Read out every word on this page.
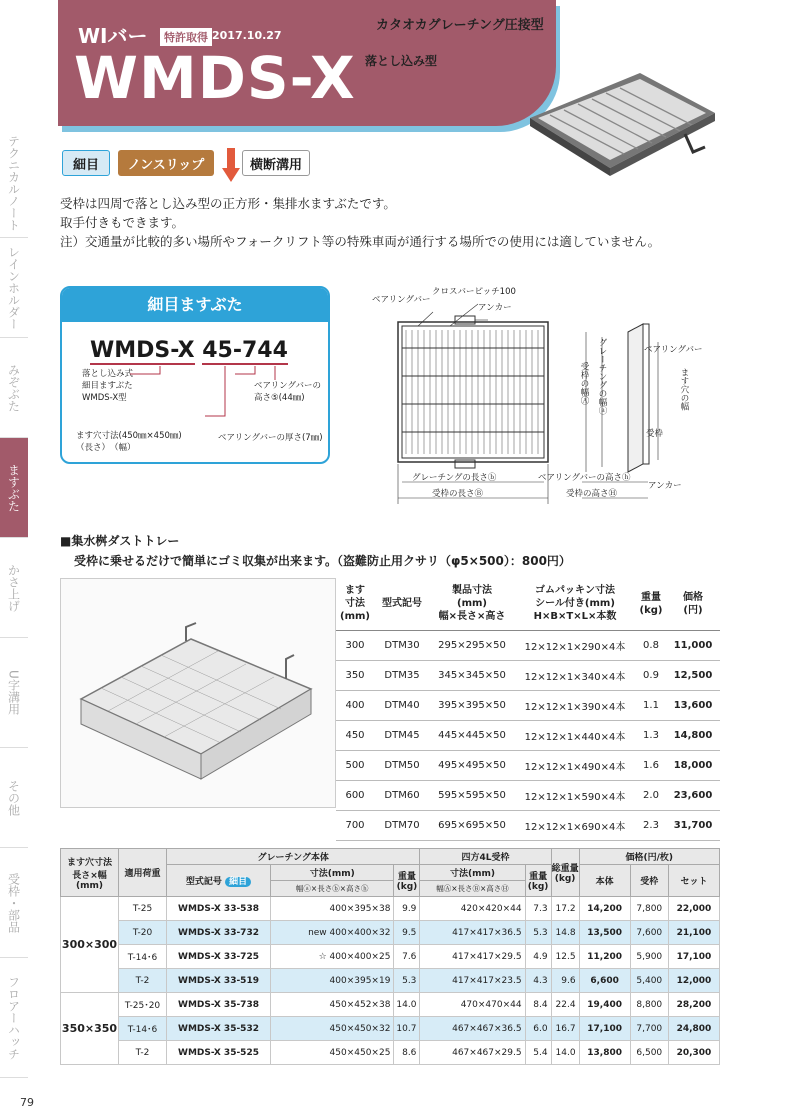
WIバー	特許取得 2017.10.27
WMDS-X
カタオカグレーチング圧接型
落とし込み型
テクニカルノート
レインホルダー
みぞぶた
ますぶた
かさ上げ
U字溝用
その他
受枠・部品
フロアーハッチ
細目	ノンスリップ	横断溝用
受枠は四周で落とし込み型の正方形・集排水ますぶたです。
取手付きもできます。
注）交通量が比較的多い場所やフォークリフト等の特殊車両が通行する場所での使用には適していません。
細目ますぶた
WMDS-X 45-744
落とし込み式
細目ますぶた
WMDS-X型
ます穴寸法(450㎜×450㎜)
（長さ）　（幅）
ベアリングバーの
高さ⑤(44㎜)
ベアリングバーの厚さ(7㎜)
ベアリングバー
クロスバーピッチ100
アンカー
グレーチングの長さⓑ
受枠の長さⒷ
受枠の幅Ⓐ グレーチングの幅ⓐ	ベアリングバー
ます穴の幅
受枠
ベアリングバーの高さⓗ
受枠の高さⒽ
アンカー
■集水桝ダストトレー
受枠に乗せるだけで簡単にゴミ収集が出来ます。（盗難防止用クサリ（φ5×500）：800円）
ます
寸法
(mm)	型式記号	製品寸法
(mm)
幅×長さ×高さ	ゴムパッキン寸法
シール付き(mm)
H×B×T×L×本数	重量
(kg)	価格
(円)
300	DTM30	295×295×50	12×12×1×290×4本	0.8	11,000
350	DTM35	345×345×50	12×12×1×340×4本	0.9	12,500
400	DTM40	395×395×50	12×12×1×390×4本	1.1	13,600
450	DTM45	445×445×50	12×12×1×440×4本	1.3	14,800
500	DTM50	495×495×50	12×12×1×490×4本	1.6	18,000
600	DTM60	595×595×50	12×12×1×590×4本	2.0	23,600
700	DTM70	695×695×50	12×12×1×690×4本	2.3	31,700
ます穴寸法
長さ×幅
(mm)	適用荷重	グレーチング本体			四方4L受枠		総重量
(kg)	価格(円/枚)		
		型式記号 細目	寸法(mm)	重量
(kg)	寸法(mm)	重量
(kg)		本体	受枠	セット
			幅ⓐ×長さⓑ×高さⓗ		幅Ⓐ×長さⒷ×高さⒽ					
300×300	T-25	WMDS-X 33-538	400×395×38	9.9	420×420×44	7.3	17.2	14,200	7,800	22,000
	T-20	WMDS-X 33-732	new 400×400×32	9.5	417×417×36.5	5.3	14.8	13,500	7,600	21,100
	T-14･6	WMDS-X 33-725	☆ 400×400×25	7.6	417×417×29.5	4.9	12.5	11,200	5,900	17,100
	T-2	WMDS-X 33-519	400×395×19	5.3	417×417×23.5	4.3	9.6	6,600	5,400	12,000
350×350	T-25･20	WMDS-X 35-738	450×452×38	14.0	470×470×44	8.4	22.4	19,400	8,800	28,200
	T-14･6	WMDS-X 35-532	450×450×32	10.7	467×467×36.5	6.0	16.7	17,100	7,700	24,800
	T-2	WMDS-X 35-525	450×450×25	8.6	467×467×29.5	5.4	14.0	13,800	6,500	20,300
79
